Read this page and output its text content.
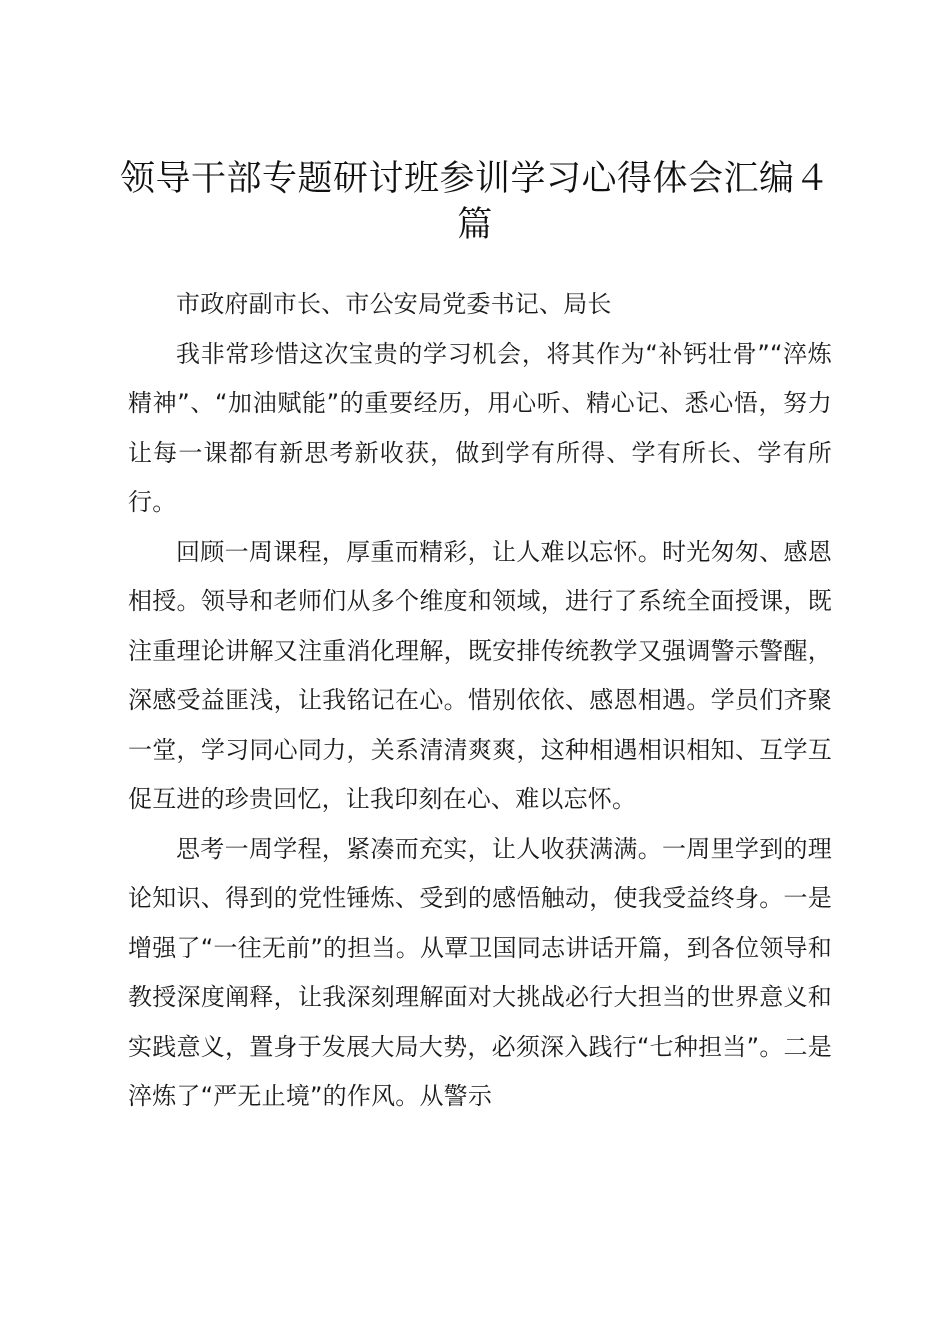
领导干部专题研讨班参训学习心得体会汇编４篇

市政府副市长、市公安局党委书记、局长

我非常珍惜这次宝贵的学习机会，将其作为“补钙壮骨”“淬炼精神”、“加油赋能”的重要经历，用心听、精心记、悉心悟，努力让每一课都有新思考新收获，做到学有所得、学有所长、学有所行。

回顾一周课程，厚重而精彩，让人难以忘怀。时光匆匆、感恩相授。领导和老师们从多个维度和领域，进行了系统全面授课，既注重理论讲解又注重消化理解，既安排传统教学又强调警示警醒，深感受益匪浅，让我铭记在心。惜别依依、感恩相遇。学员们齐聚一堂，学习同心同力，关系清清爽爽，这种相遇相识相知、互学互促互进的珍贵回忆，让我印刻在心、难以忘怀。

思考一周学程，紧凑而充实，让人收获满满。一周里学到的理论知识、得到的党性锤炼、受到的感悟触动，使我受益终身。一是增强了“一往无前”的担当。从覃卫国同志讲话开篇，到各位领导和教授深度阐释，让我深刻理解面对大挑战必行大担当的世界意义和实践意义，置身于发展大局大势，必须深入践行“七种担当”。二是淬炼了“严无止境”的作风。从警示
